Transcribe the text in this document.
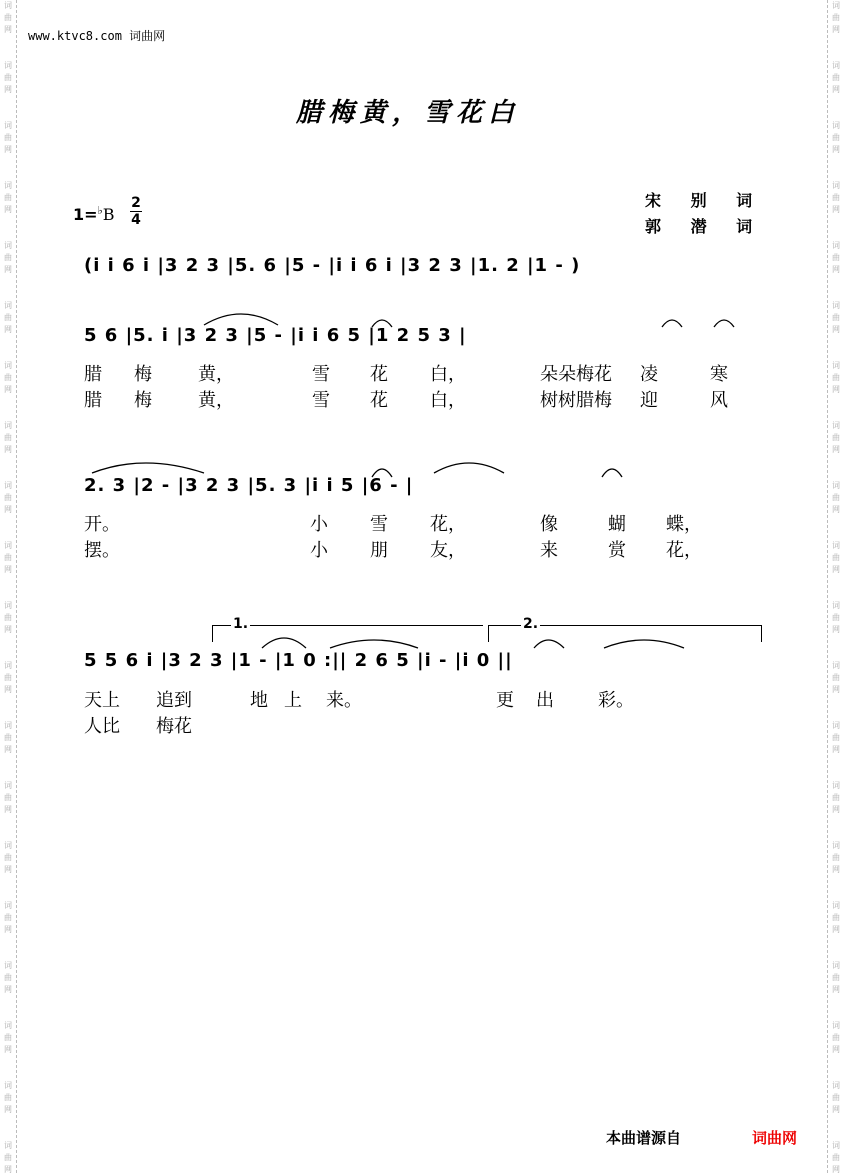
词
曲
网
词
曲
网
词
曲
网
词
曲
网
词
曲
网
词
曲
网
词
曲
网
词
曲
网
词
曲
网
词
曲
网
词
曲
网
词
曲
网
词
曲
网
词
曲
网
词
曲
网
词
曲
网
词
曲
网
词
曲
网
词
曲
网
词
曲
网
词
曲
网
词
曲
网
词
曲
网
词
曲
网
词
曲
网
词
曲
网
词
曲
网
词
曲
网
词
曲
网
词
曲
网
词
曲
网
词
曲
网
词
曲
网
词
曲
网
词
曲
网
词
曲
网
词
曲
网
词
曲
网
词
曲
网
词
曲
网
www.ktvc8.com 词曲网
腊梅黄，雪花白
宋 别 词
郭 潜 词
1=♭B
2
4
(i i 6 i |3 2 3 |5. 6 |5 - |i i 6 i |3 2 3 |1. 2 |1 - )
5 6 |5. i |3 2 3 |5 - |i i 6 5 |1 2 5 3 |
腊 梅	黄，	雪 花 白，	朵朵梅花 凌	寒
腊 梅	黄，	雪 花 白，	树树腊梅 迎	风
2. 3 |2 - |3 2 3 |5. 3 |i i 5 |6 - |
开。	小 雪 花，	像	蝴 蝶，
摆。	小 朋 友，	来	赏 花，
1.	2.
5 5 6 i |3 2 3 |1 - |1 0 :|| 2 6 5 |i - |i 0 ||
天上 追到	地 上 来。	更 出 彩。
人比 梅花
本曲谱源自	词曲网
